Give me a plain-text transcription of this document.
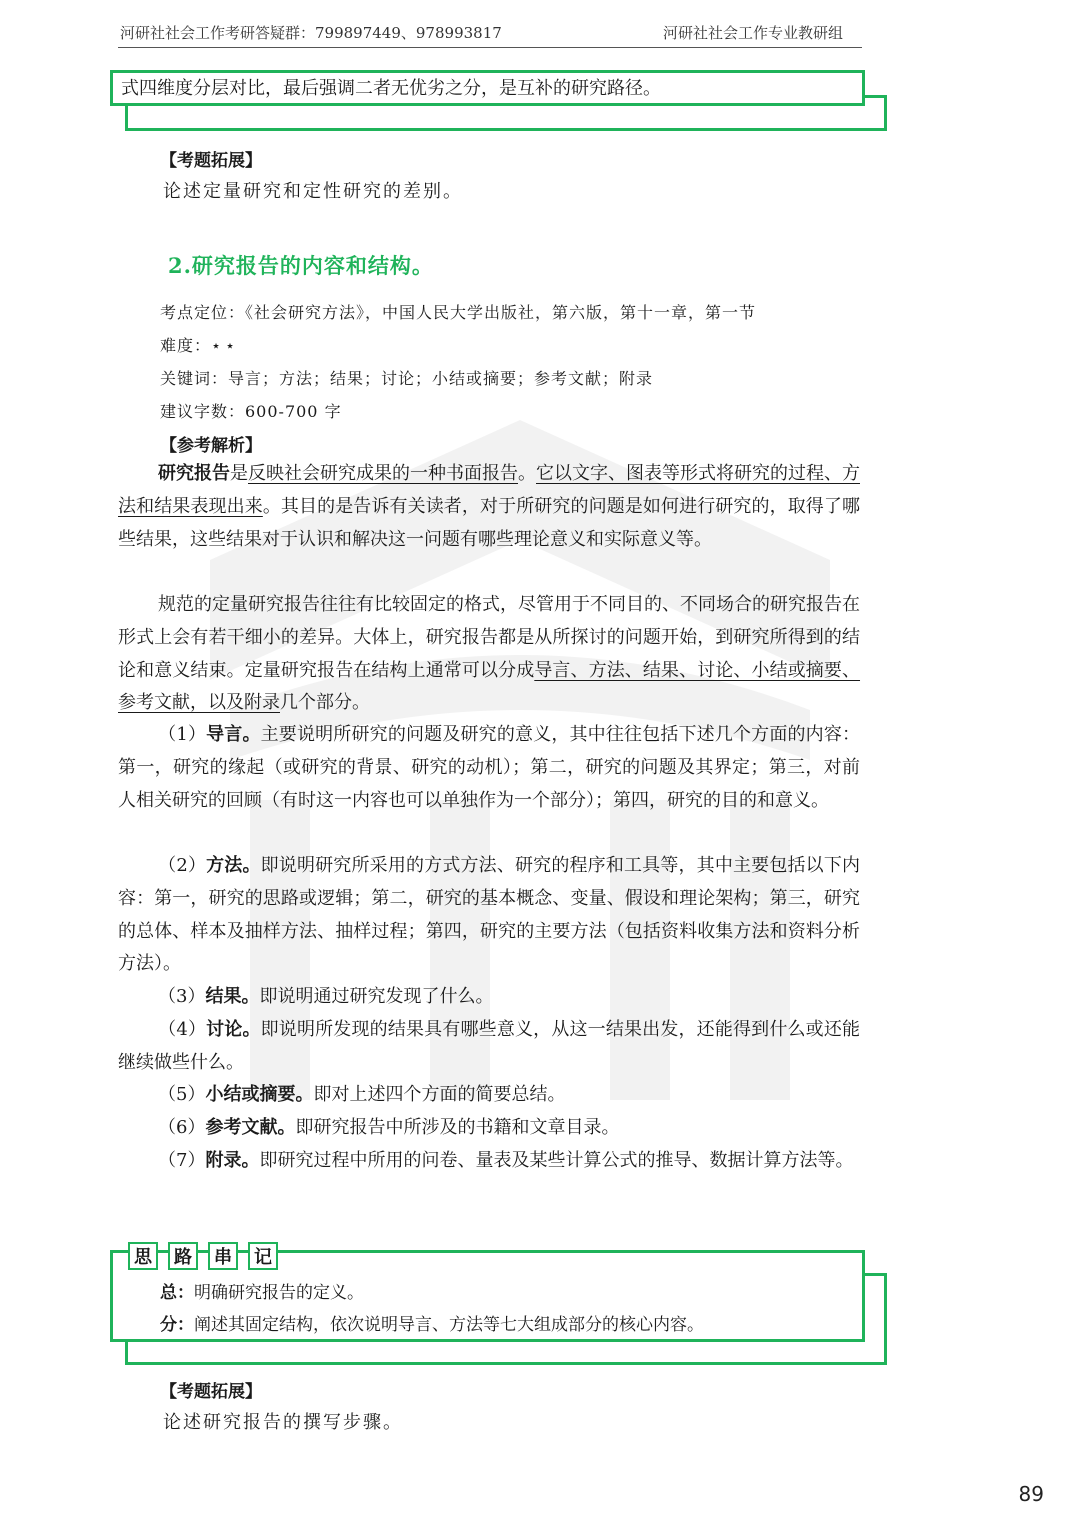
河研社社会工作考研答疑群：799897449、978993817	河研社社会工作专业教研组
式四维度分层对比，最后强调二者无优劣之分，是互补的研究路径。
【考题拓展】
论述定量研究和定性研究的差别。
2.研究报告的内容和结构。
考点定位：《社会研究方法》，中国人民大学出版社，第六版，第十一章，第一节
难度：⋆⋆
关键词：导言；方法；结果；讨论；小结或摘要；参考文献；附录
建议字数：600-700 字
【参考解析】
研究报告是反映社会研究成果的一种书面报告。它以文字、图表等形式将研究的过程、方法和结果表现出来。其目的是告诉有关读者，对于所研究的问题是如何进行研究的，取得了哪些结果，这些结果对于认识和解决这一问题有哪些理论意义和实际意义等。
规范的定量研究报告往往有比较固定的格式，尽管用于不同目的、不同场合的研究报告在形式上会有若干细小的差异。大体上，研究报告都是从所探讨的问题开始，到研究所得到的结论和意义结束。定量研究报告在结构上通常可以分成导言、方法、结果、讨论、小结或摘要、参考文献，以及附录几个部分。
（1）导言。主要说明所研究的问题及研究的意义，其中往往包括下述几个方面的内容：第一，研究的缘起（或研究的背景、研究的动机）；第二，研究的问题及其界定；第三，对前人相关研究的回顾（有时这一内容也可以单独作为一个部分）；第四，研究的目的和意义。
（2）方法。即说明研究所采用的方式方法、研究的程序和工具等，其中主要包括以下内容：第一，研究的思路或逻辑；第二，研究的基本概念、变量、假设和理论架构；第三，研究的总体、样本及抽样方法、抽样过程；第四，研究的主要方法（包括资料收集方法和资料分析方法）。
（3）结果。即说明通过研究发现了什么。
（4）讨论。即说明所发现的结果具有哪些意义，从这一结果出发，还能得到什么或还能继续做些什么。
（5）小结或摘要。即对上述四个方面的简要总结。
（6）参考文献。即研究报告中所涉及的书籍和文章目录。
（7）附录。即研究过程中所用的问卷、量表及某些计算公式的推导、数据计算方法等。
思	路	串	记
总：明确研究报告的定义。
分：阐述其固定结构，依次说明导言、方法等七大组成部分的核心内容。
【考题拓展】
论述研究报告的撰写步骤。
89
